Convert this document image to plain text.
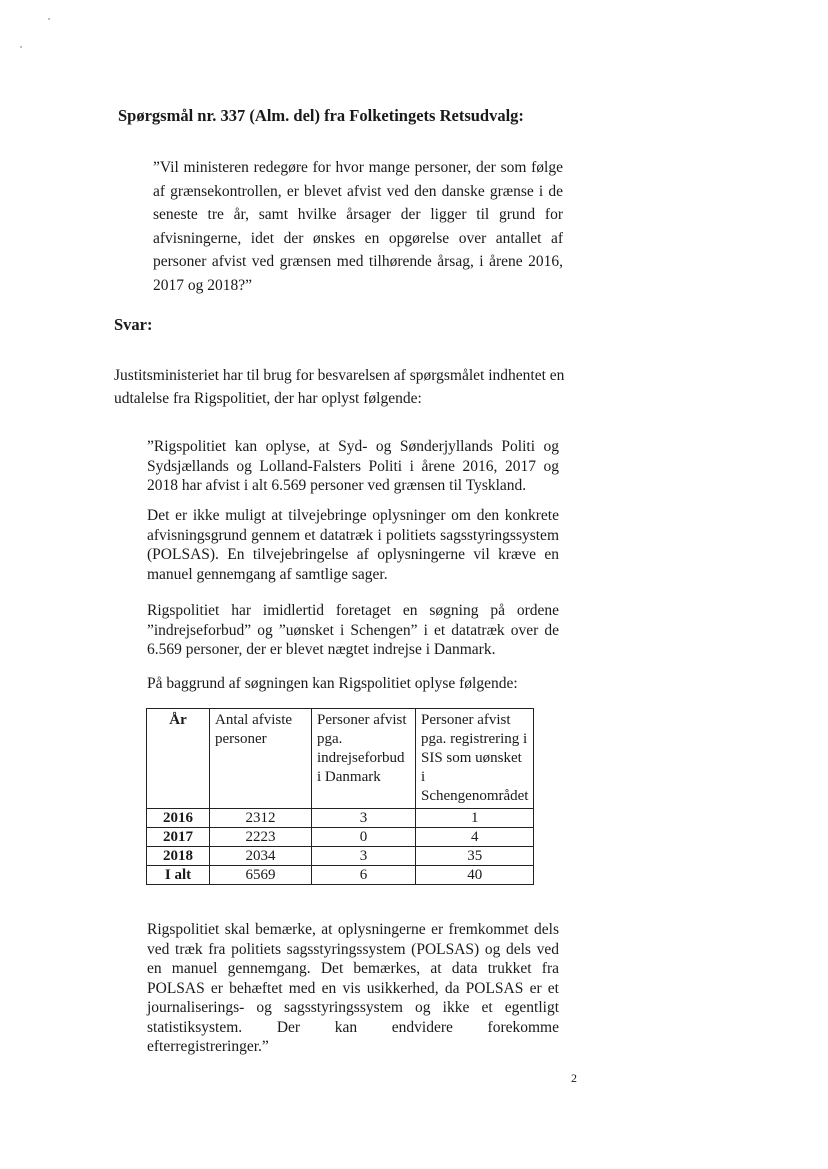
Spørgsmål nr. 337 (Alm. del) fra Folketingets Retsudvalg:
”Vil ministeren redegøre for hvor mange personer, der som følge af grænsekontrollen, er blevet afvist ved den danske grænse i de seneste tre år, samt hvilke årsager der ligger til grund for afvisningerne, idet der ønskes en opgørelse over antallet af personer afvist ved grænsen med tilhørende årsag, i årene 2016, 2017 og 2018?”
Svar:
Justitsministeriet har til brug for besvarelsen af spørgsmålet indhentet en udtalelse fra Rigspolitiet, der har oplyst følgende:
”Rigspolitiet kan oplyse, at Syd- og Sønderjyllands Politi og Sydsjællands og Lolland-Falsters Politi i årene 2016, 2017 og 2018 har afvist i alt 6.569 personer ved grænsen til Tyskland.
Det er ikke muligt at tilvejebringe oplysninger om den konkrete afvisningsgrund gennem et datatræk i politiets sagsstyringssystem (POLSAS). En tilvejebringelse af oplysningerne vil kræve en manuel gennemgang af samtlige sager.
Rigspolitiet har imidlertid foretaget en søgning på ordene ”indrejseforbud” og ”uønsket i Schengen” i et datatræk over de 6.569 personer, der er blevet nægtet indrejse i Danmark.
På baggrund af søgningen kan Rigspolitiet oplyse følgende:
År	Antal afviste personer	Personer afvist pga. indrejseforbud i Danmark	Personer afvist pga. registrering i SIS som uønsket i Schengenområdet
2016	2312	3	1
2017	2223	0	4
2018	2034	3	35
I alt	6569	6	40
Rigspolitiet skal bemærke, at oplysningerne er fremkommet dels ved træk fra politiets sagsstyringssystem (POLSAS) og dels ved en manuel gennemgang. Det bemærkes, at data trukket fra POLSAS er behæftet med en vis usikkerhed, da POLSAS er et journaliserings- og sagsstyringssystem og ikke et egentligt statistiksystem. Der kan endvidere forekomme efterregistreringer.”
2
